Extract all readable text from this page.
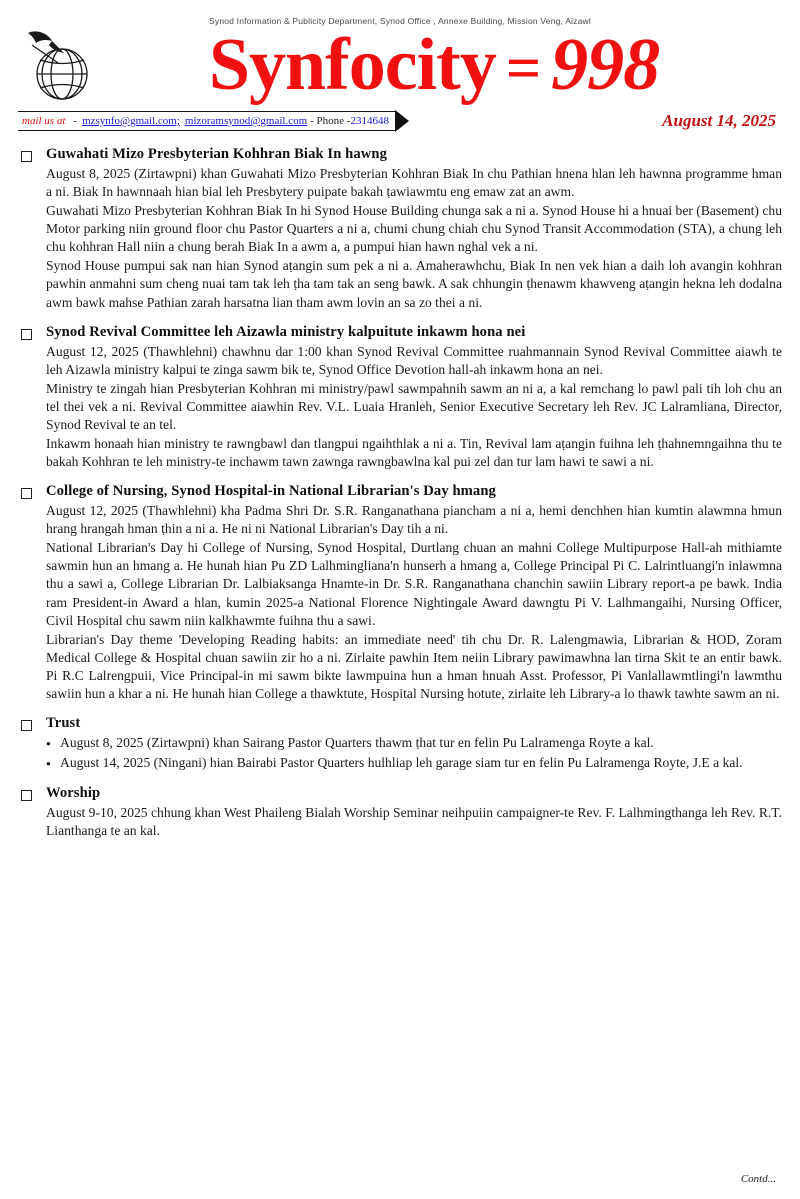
Synod Information & Publicity Department, Synod Office , Annexe Building, Mission Veng, Aizawl
Synfocity = 998
mail us at - mzsynfo@gmail.com; mizoramsynod@gmail.com - Phone - 2314648	August 14, 2025
Guwahati Mizo Presbyterian Kohhran Biak In hawng

August 8, 2025 (Zirtawpni) khan Guwahati Mizo Presbyterian Kohhran Biak In chu Pathian hnena hlan leh hawnna programme hman a ni. Biak In hawnnaah hian bial leh Presbytery puipate bakah ṭawiawmtu eng emaw zat an awm.

Guwahati Mizo Presbyterian Kohhran Biak In hi Synod House Building chunga sak a ni a. Synod House hi a hnuai ber (Basement) chu Motor parking niin ground floor chu Pastor Quarters a ni a, chumi chung chiah chu Synod Transit Accommodation (STA), a chung leh chu kohhran Hall niin a chung berah Biak In a awm a, a pumpui hian hawn nghal vek a ni.

Synod House pumpui sak nan hian Synod aṭangin sum pek a ni a. Amaherawhchu, Biak In nen vek hian a daih loh avangin kohhran pawhin anmahni sum cheng nuai tam tak leh ṭha tam tak an seng bawk. A sak chhungin ṭhenawm khawveng aṭangin hekna leh dodalna awm bawk mahse Pathian zarah harsatna lian tham awm lovin an sa zo thei a ni.

Synod Revival Committee leh Aizawla ministry kalpuitute inkawm hona nei

August 12, 2025 (Thawhlehni) chawhnu dar 1:00 khan Synod Revival Committee ruahmannain Synod Revival Committee aiawh te leh Aizawla ministry kalpui te zinga sawm bik te, Synod Office Devotion hall-ah inkawm hona an nei.

Ministry te zingah hian Presbyterian Kohhran mi ministry/pawl sawmpahnih sawm an ni a, a kal remchang lo pawl pali tih loh chu an tel thei vek a ni. Revival Committee aiawhin Rev. V.L. Luaia Hranleh, Senior Executive Secretary leh Rev. JC Lalramliana, Director, Synod Revival te an tel.

Inkawm honaah hian ministry te rawngbawl dan tlangpui ngaihthlak a ni a. Tin, Revival lam aṭangin fuihna leh ṭhahnemngaihna thu te bakah Kohhran te leh ministry-te inchawm tawn zawnga rawngbawlna kal pui zel dan tur lam hawi te sawi a ni.

College of Nursing, Synod Hospital-in National Librarian's Day hmang

August 12, 2025 (Thawhlehni) kha Padma Shri Dr. S.R. Ranganathana piancham a ni a, hemi denchhen hian kumtin alawmna hmun hrang hrangah hman ṭhin a ni a. He ni ni National Librarian's Day tih a ni.

National Librarian's Day hi College of Nursing, Synod Hospital, Durtlang chuan an mahni College Multipurpose Hall-ah mithiamte sawmin hun an hmang a. He hunah hian Pu ZD Lalhmingliana'n hunserh a hmang a, College Principal Pi C. Lalrintluangi'n inlawmna thu a sawi a, College Librarian Dr. Lalbiaksanga Hnamte-in Dr. S.R. Ranganathana chanchin sawiin Library report-a pe bawk. India ram President-in Award a hlan, kumin 2025-a National Florence Nightingale Award dawngtu Pi V. Lalhmangaihi, Nursing Officer, Civil Hospital chu sawm niin kalkhawmte fuihna thu a sawi.

Librarian's Day theme 'Developing Reading habits: an immediate need' tih chu Dr. R. Lalengmawia, Librarian & HOD, Zoram Medical College & Hospital chuan sawiin zir ho a ni. Zirlaite pawhin Item neiin Library pawimawhna lan tirna Skit te an entir bawk. Pi R.C Lalrengpuii, Vice Principal-in mi sawm bikte lawmpuina hun a hman hnuah Asst. Professor, Pi Vanlallawmtlingi'n lawmthu sawiin hun a khar a ni. He hunah hian College a thawktute, Hospital Nursing hotute, zirlaite leh Library-a lo thawk tawhte sawm an ni.

Trust

● August 8, 2025 (Zirtawpni) khan Sairang Pastor Quarters thawm ṭhat tur en felin Pu Lalramenga Royte a kal.

● August 14, 2025 (Ningani) hian Bairabi Pastor Quarters hulhliap leh garage siam tur en felin Pu Lalramenga Royte, J.E a kal.

Worship

August 9-10, 2025 chhung khan West Phaileng Bialah Worship Seminar neihpuiin campaigner-te Rev. F. Lalhmingthanga leh Rev. R.T. Lianthanga te an kal.

Contd...
